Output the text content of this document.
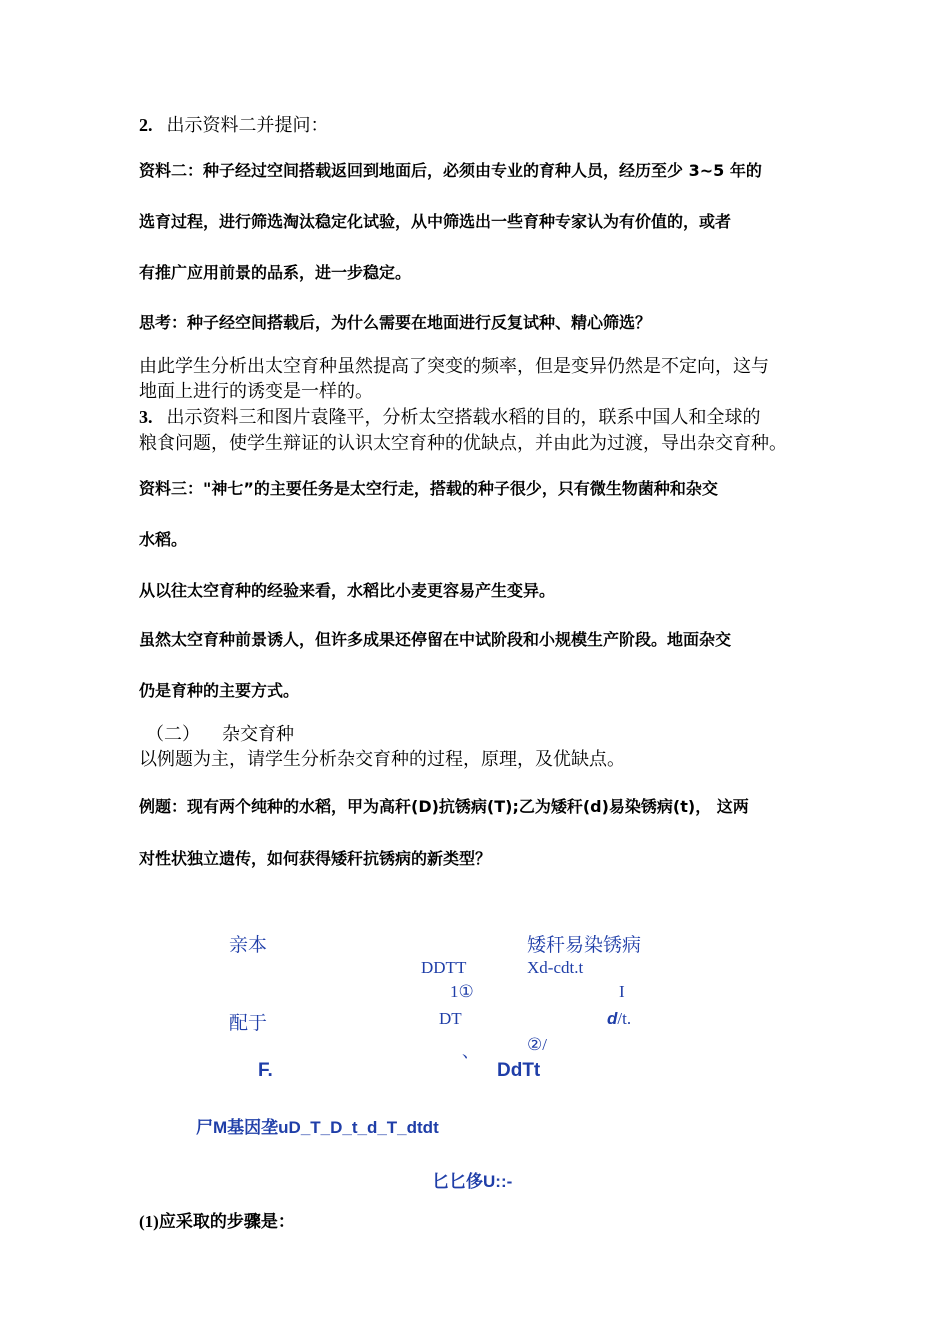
2. 出示资料二并提问：
资料二：种子经过空间搭载返回到地面后，必须由专业的育种人员，经历至少 3~5 年的
选育过程，进行筛选淘汰稳定化试验，从中筛选出一些育种专家认为有价值的，或者
有推广应用前景的品系，进一步稳定。
思考：种子经空间搭载后，为什么需要在地面进行反复试种、精心筛选？
由此学生分析出太空育种虽然提高了突变的频率，但是变异仍然是不定向，这与
地面上进行的诱变是一样的。
3. 出示资料三和图片袁隆平，分析太空搭载水稻的目的，联系中国人和全球的
粮食问题，使学生辩证的认识太空育种的优缺点，并由此为过渡，导出杂交育种。
资料三："神七”的主要任务是太空行走，搭载的种子很少，只有微生物菌种和杂交
水稻。
从以往太空育种的经验来看，水稻比小麦更容易产生变异。
虽然太空育种前景诱人，但许多成果还停留在中试阶段和小规模生产阶段。地面杂交
仍是育种的主要方式。
（二） 杂交育种
以例题为主，请学生分析杂交育种的过程，原理，及优缺点。
例题：现有两个纯种的水稻，甲为高秆(D)抗锈病(T);乙为矮秆(d)易染锈病(t)， 这两
对性状独立遗传，如何获得矮秆抗锈病的新类型？
亲本	矮秆易染锈病
DDTT	Xd-cdt.t
1①	I
配于	DT	d/t.
、	②/
F.	DdTt
尸M基因垄uD_T_D_t_d_T_dtdt
匕匕侈U::-
(1)应采取的步骤是：
